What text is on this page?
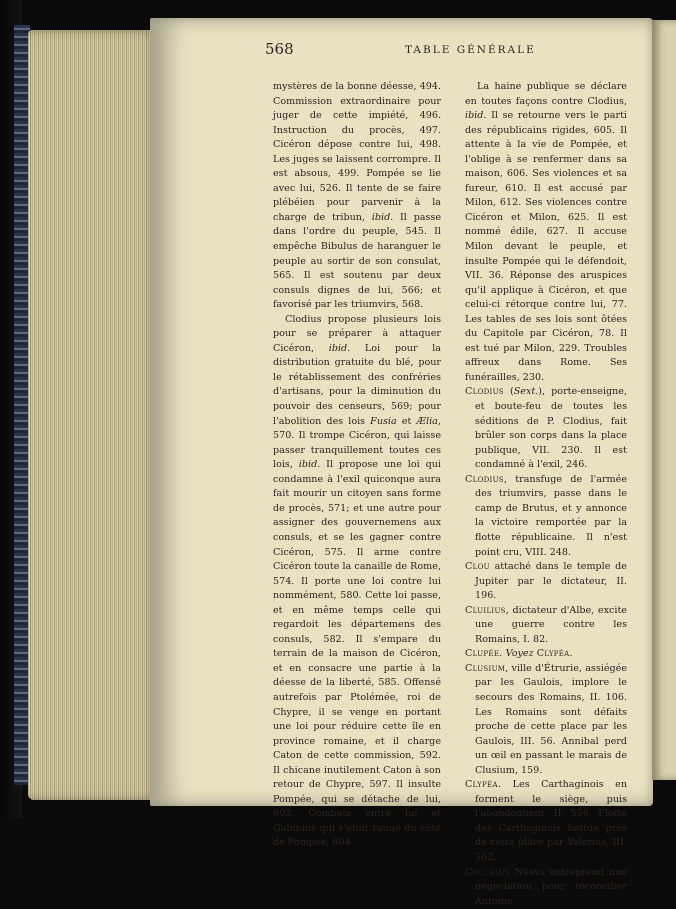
568	TABLE GÉNÉRALE

mystères de la bonne déesse, 494. Commission extraordinaire pour juger de cette impiété, 496. Instruction du procès, 497. Cicéron dépose contre lui, 498. Les juges se laissent corrompre. Il est absous, 499. Pompée se lie avec lui, 526. Il tente de se faire plébéien pour parvenir à la charge de tribun, ibid. Il passe dans l'ordre du peuple, 545. Il empêche Bibulus de haranguer le peuple au sortir de son consulat, 565. Il est soutenu par deux consuls dignes de lui, 566; et favorisé par les triumvirs, 568.

Clodius propose plusieurs lois pour se préparer à attaquer Cicéron, ibid. Loi pour la distribution gratuite du blé, pour le rétablissement des confréries d'artisans, pour la diminution du pouvoir des censeurs, 569; pour l'abolition des lois Fusia et Ælia, 570. Il trompe Cicéron, qui laisse passer tranquillement toutes ces lois, ibid. Il propose une loi qui condamne à l'exil quiconque aura fait mourir un citoyen sans forme de procès, 571; et une autre pour assigner des gouvernemens aux consuls, et se les gagner contre Cicéron, 575. Il arme contre Cicéron toute la canaille de Rome, 574. Il porte une loi contre lui nommément, 580. Cette loi passe, et en même temps celle qui regardoit les départemens des consuls, 582. Il s'empare du terrain de la maison de Cicéron, et en consacre une partie à la déesse de la liberté, 585. Offensé autrefois par Ptolémée, roi de Chypre, il se venge en portant une loi pour réduire cette île en province romaine, et il charge Caton de cette commission, 592. Il chicane inutilement Caton à son retour de Chypre, 597. Il insulte Pompée, qui se détache de lui, 603. Combats entre lui et Gabinius qui s'étoit rangé du côté de Pompée, 604.

La haine publique se déclare en toutes façons contre Clodius, ibid. Il se retourne vers le parti des républicains rigides, 605. Il attente à la vie de Pompée, et l'oblige à se renfermer dans sa maison, 606. Ses violences et sa fureur, 610. Il est accusé par Milon, 612. Ses violences contre Cicéron et Milon, 625. Il est nommé édile, 627. Il accuse Milon devant le peuple, et insulte Pompée qui le défendoit, VII. 36. Réponse des aruspices qu'il applique à Cicéron, et que celui-ci rétorque contre lui, 77. Les tables de ses lois sont ôtées du Capitole par Cicéron, 78. Il est tué par Milon, 229. Troubles affreux dans Rome. Ses funérailles, 230.

Clodius (Sext.), porte-enseigne, et boute-feu de toutes les séditions de P. Clodius, fait brûler son corps dans la place publique, VII. 230. Il est condamné à l'exil, 246.

Clodius, transfuge de l'armée des triumvirs, passe dans le camp de Brutus, et y annonce la victoire remportée par la flotte républicaine. Il n'est point cru, VIII. 248.

Clou attaché dans le temple de Jupiter par le dictateur, II. 196.

Cluilius, dictateur d'Albe, excite une guerre contre les Romains, I. 82.

Clupée. Voyez Clypéa.

Clusium, ville d'Étrurie, assiégée par les Gaulois, implore le secours des Romains, II. 106. Les Romains sont défaits proche de cette place par les Gaulois, III. 56. Annibal perd un œil en passant le marais de Clusium, 159.

Clypéa. Les Carthaginois en forment le siège, puis l'abandonnent, II. 556. Flotte des Carthaginois battue près de cette place par Valérius, III. 562.

Cocceius Nerva entreprend une négociation pour réconcilier Antoine
